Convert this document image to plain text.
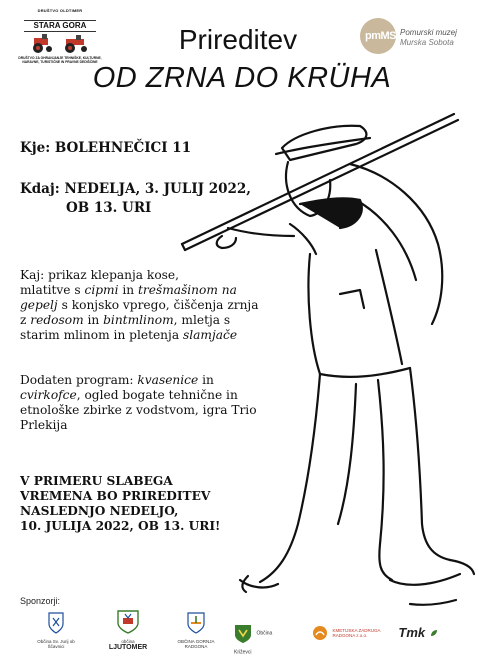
DRUŠTVO OLDTIMER
STARA GORA
DRUŠTVO ZA OHRANJANJE TEHNIŠKE, KULTURNE, NARAVNE, TURISTIČNE IN PRAVNE DEDIŠČINE
pmMS Pomurski muzej
Murska Sobota
Prireditev
OD ZRNA DO KRÜHA
Kje: BOLEHNEČICI 11
Kdaj: NEDELJA, 3. JULIJ 2022,
OB 13. URI
Kaj: prikaz klepanja kose,
mlatitve s cipmi in trešmašinom na gepelj s konjsko vprego, čiščenja zrnja z redosom in bintmlinom, mletja s starim mlinom in pletenja slamjače
Dodaten program: kvasenice in cvirkofce, ogled bogate tehnične in etnološke zbirke z vodstvom, igra Trio Prlekija
V PRIMERU SLABEGA
VREMENA BO PRIREDITEV
NASLEDNJO NEDELJO,
10. JULIJA 2022, OB 13. URI!
Sponzorji:
Občina Sv. Jurij ob Ščavnici
občina
LJUTOMER
OBČINA GORNJA RADGONA
Občina Križevci
KMETIJSKA ZADRUGA RADGONA z.o.o.	Tmk
